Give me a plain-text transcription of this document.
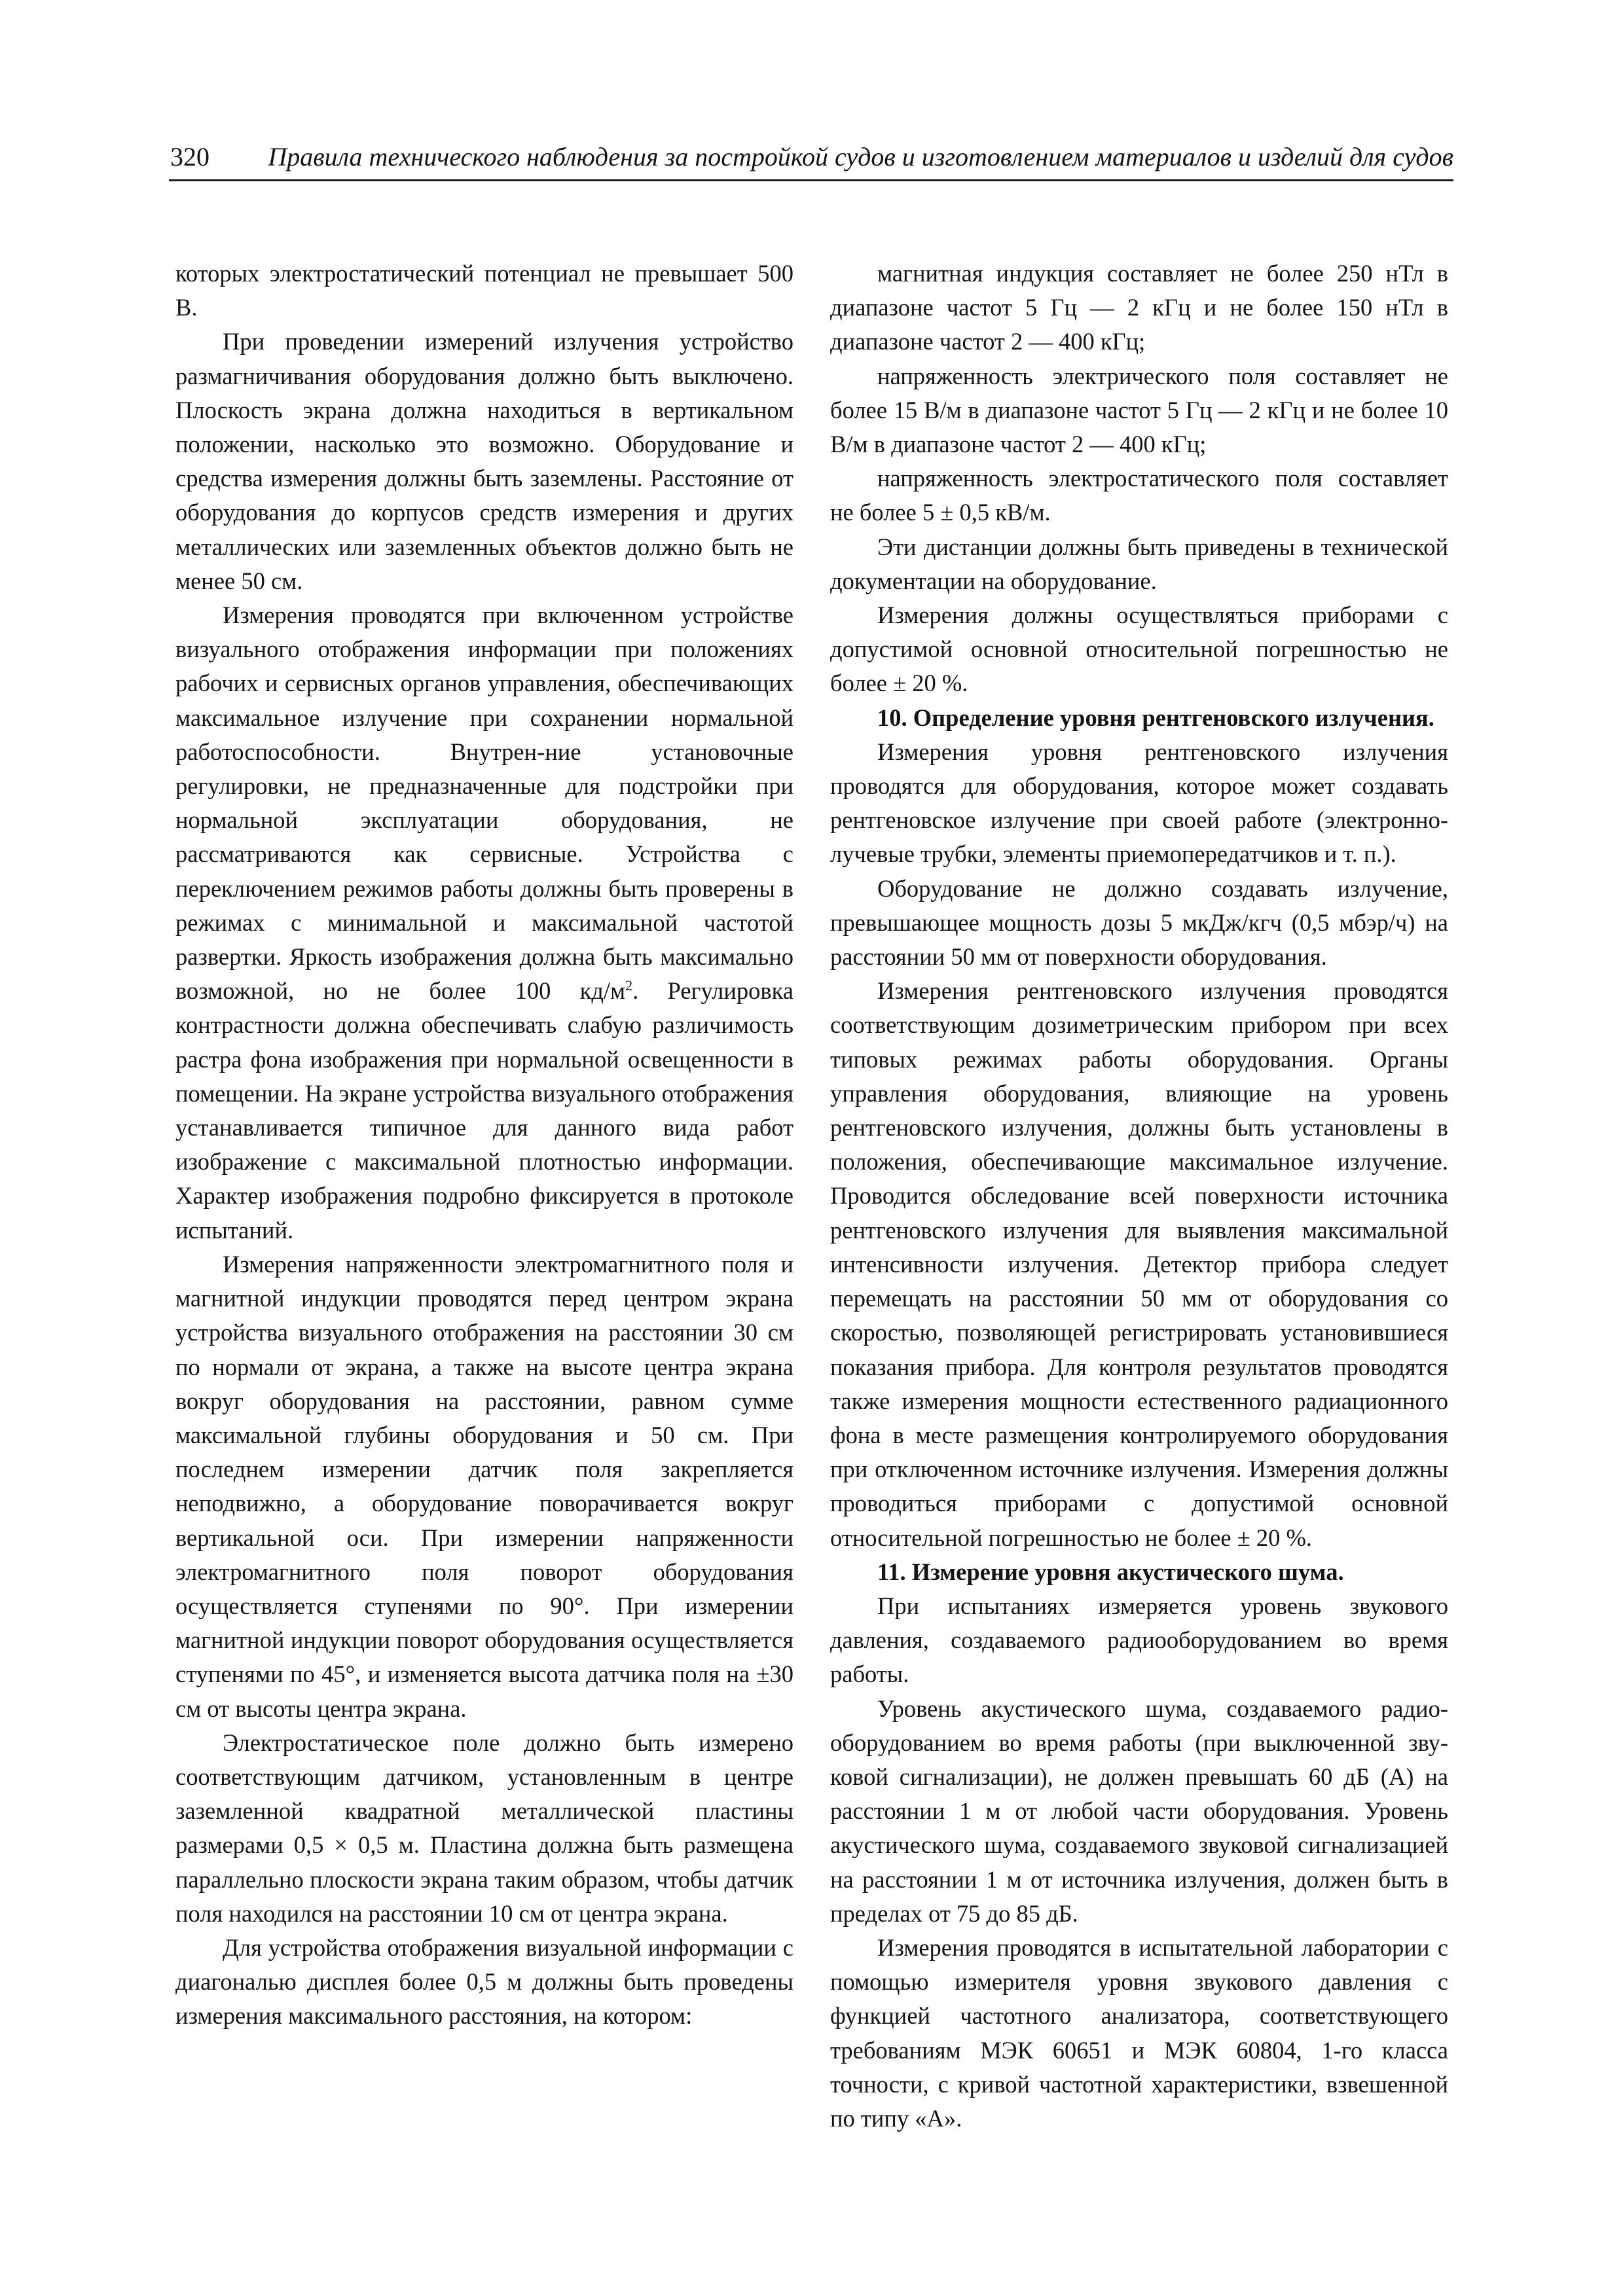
320 Правила технического наблюдения за постройкой судов и изготовлением материалов и изделий для судов

которых электростатический потенциал не превышает 500 В.

При проведении измерений излучения устройство размагничивания оборудования должно быть выключено. Плоскость экрана должна находиться в вертикальном положении, насколько это возможно. Оборудование и средства измерения должны быть заземлены. Расстояние от оборудования до корпусов средств измерения и других металлических или заземленных объектов должно быть не менее 50 см.

Измерения проводятся при включенном устройстве визуального отображения информации при положениях рабочих и сервисных органов управления, обеспечивающих максимальное излучение при сохранении нормальной работоспособности. Внутрен-ние установочные регулировки, не предназначенные для подстройки при нормальной эксплуатации оборудования, не рассматриваются как сервисные. Устройства с переключением режимов работы должны быть проверены в режимах с минимальной и максимальной частотой развертки. Яркость изображения должна быть максимально возможной, но не более 100 $кд/м^2$. Регулировка контрастности должна обеспечивать слабую различимость растра фона изображения при нормальной освещенности в помещении. На экране устройства визуального отображения устанавливается типичное для данного вида работ изображение с максимальной плотностью информации. Характер изображения подробно фиксируется в протоколе испытаний.

Измерения напряженности электромагнитного поля и магнитной индукции проводятся перед центром экрана устройства визуального отображения на расстоянии 30 см по нормали от экрана, а также на высоте центра экрана вокруг оборудования на расстоянии, равном сумме максимальной глубины оборудования и 50 см. При последнем измерении датчик поля закрепляется неподвижно, а оборудование поворачивается вокруг вертикальной оси. При измерении напряженности электромагнитного поля поворот оборудования осуществляется ступенями по 90°. При измерении магнитной индукции поворот оборудования осуществляется ступенями по 45°, и изменяется высота датчика поля на ±30 см от высоты центра экрана.

Электростатическое поле должно быть измерено соответствующим датчиком, установленным в центре заземленной квадратной металлической пластины размерами 0,5 × 0,5 м. Пластина должна быть размещена параллельно плоскости экрана таким образом, чтобы датчик поля находился на расстоянии 10 см от центра экрана.

Для устройства отображения визуальной информации с диагональю дисплея более 0,5 м должны быть проведены измерения максимального расстояния, на котором:

магнитная индукция составляет не более 250 нТл в диапазоне частот 5 Гц — 2 кГц и не более 150 нТл в диапазоне частот 2 — 400 кГц;

напряженность электрического поля составляет не более 15 В/м в диапазоне частот 5 Гц — 2 кГц и не более 10 В/м в диапазоне частот 2 — 400 кГц;

напряженность электростатического поля составляет не более 5 ± 0,5 кВ/м.

Эти дистанции должны быть приведены в технической документации на оборудование.

Измерения должны осуществляться приборами с допустимой основной относительной погрешностью не более ± 20 %.

10. Определение уровня рентгеновского излучения.

Измерения уровня рентгеновского излучения проводятся для оборудования, которое может создавать рентгеновское излучение при своей работе (электронно-лучевые трубки, элементы приемопередатчиков и т. п.).

Оборудование не должно создавать излучение, превышающее мощность дозы 5 мкДж/кгч (0,5 мбэр/ч) на расстоянии 50 мм от поверхности оборудования.

Измерения рентгеновского излучения проводятся соответствующим дозиметрическим прибором при всех типовых режимах работы оборудования. Органы управления оборудования, влияющие на уровень рентгеновского излучения, должны быть установлены в положения, обеспечивающие максимальное излучение. Проводится обследование всей поверхности источника рентгеновского излучения для выявления максимальной интенсивности излучения. Детектор прибора следует перемещать на расстоянии 50 мм от оборудования со скоростью, позволяющей регистрировать установившиеся показания прибора. Для контроля результатов проводятся также измерения мощности естественного радиационного фона в месте размещения контролируемого оборудования при отключенном источнике излучения. Измерения должны проводиться приборами с допустимой основной относительной погрешностью не более ± 20 %.

11. Измерение уровня акустического шума.

При испытаниях измеряется уровень звукового давления, создаваемого радиооборудованием во время работы.

Уровень акустического шума, создаваемого радио-оборудованием во время работы (при выключенной зву-ковой сигнализации), не должен превышать 60 дБ (А) на расстоянии 1 м от любой части оборудования. Уровень акустического шума, создаваемого звуковой сигнализацией на расстоянии 1 м от источника излучения, должен быть в пределах от 75 до 85 дБ.

Измерения проводятся в испытательной лаборатории с помощью измерителя уровня звукового давления с функцией частотного анализатора, соответствующего требованиям МЭК 60651 и МЭК 60804, 1-го класса точности, с кривой частотной характеристики, взвешенной по типу «А».
